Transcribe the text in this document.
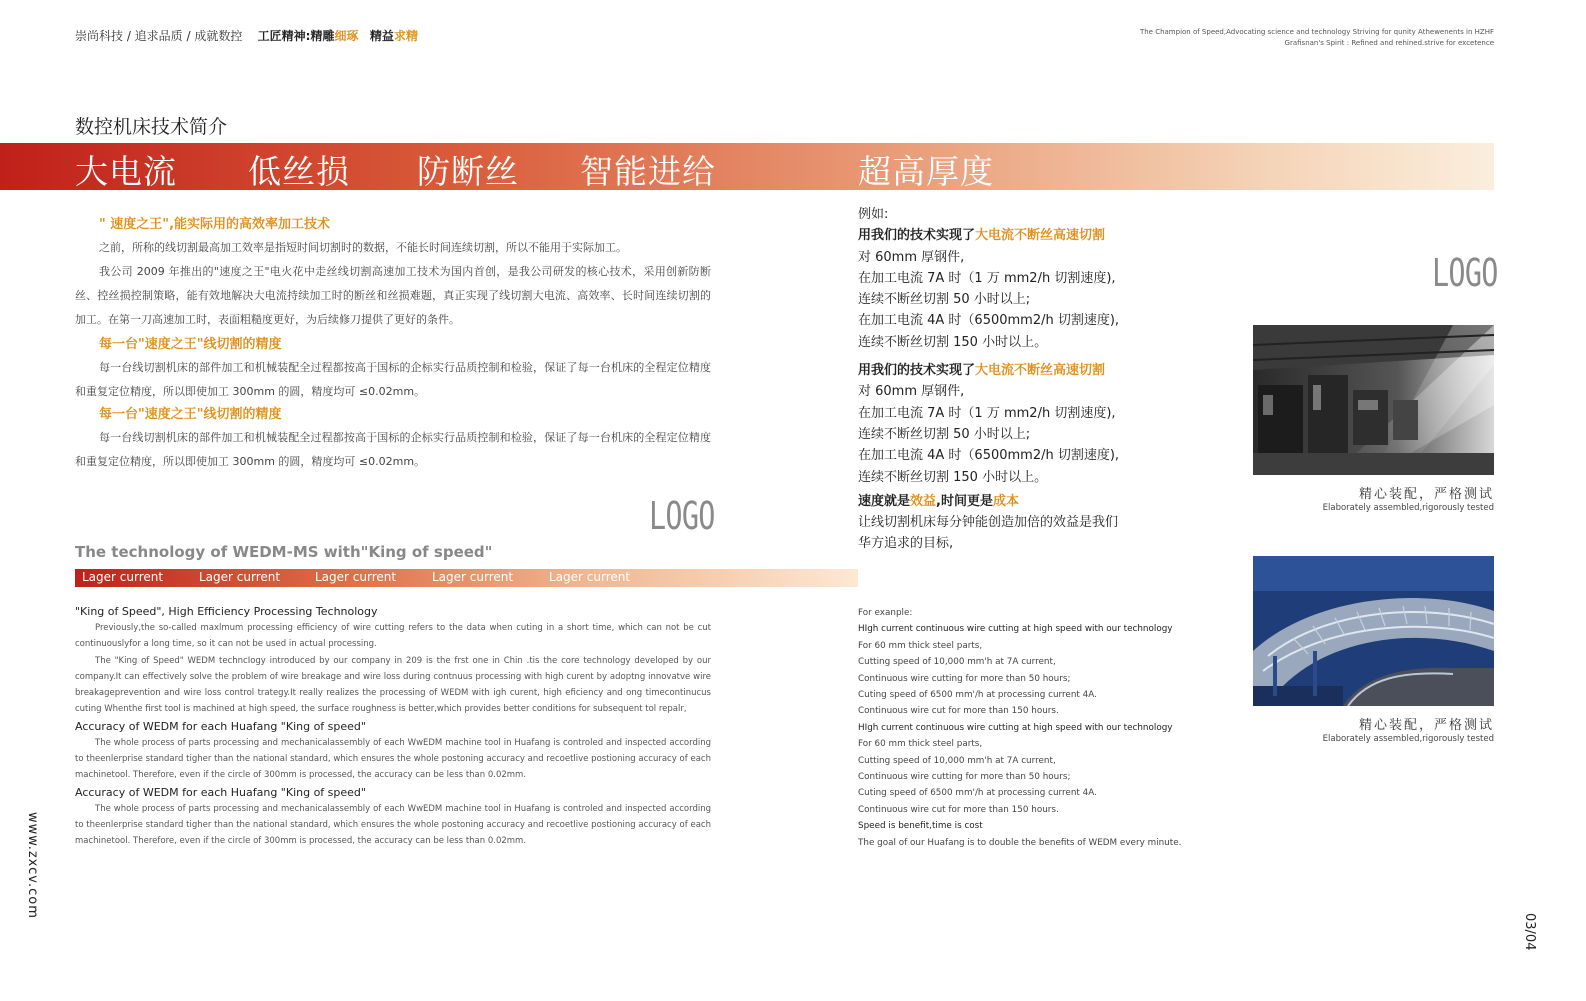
崇尚科技 / 追求品质 / 成就数控 工匠精神:精雕细琢 精益求精	The Champion of Speed,Advocating science and technology Striving for qunity Athewenents in HZHF
Grafisnan's Spirit : Refined and rehined.strive for excetence
数控机床技术简介
大电流 低丝损 防断丝 智能进给	超高厚度
" 速度之王",能实际用的高效率加工技术
之前，所称的线切割最高加工效率是指短时间切割时的数据，不能长时间连续切割，所以不能用于实际加工。
我公司 2009 年推出的"速度之王"电火花中走丝线切割高速加工技术为国内首创，是我公司研发的核心技术，采用创新防断丝、控丝损控制策略，能有效地解决大电流持续加工时的断丝和丝损难题，真正实现了线切割大电流、高效率、长时间连续切割的加工。在第一刀高速加工时，表面粗糙度更好，为后续修刀提供了更好的条件。
每一台"速度之王"线切割的精度
每一台线切割机床的部件加工和机械装配全过程都按高于国标的企标实行品质控制和检验，保证了每一台机床的全程定位精度和重复定位精度，所以即使加工 300mm 的圆，精度均可 ≤0.02mm。
每一台"速度之王"线切割的精度
每一台线切割机床的部件加工和机械装配全过程都按高于国标的企标实行品质控制和检验，保证了每一台机床的全程定位精度和重复定位精度，所以即使加工 300mm 的圆，精度均可 ≤0.02mm。
LOGO
The technology of WEDM-MS with"King of speed"
Lager current	Lager current	Lager current	Lager current	Lager current
"King of Speed", High Efficiency Processing Technology
Previously,the so-called maxlmum processing efficiency of wire cutting refers to the data when cuting in a short time, which can not be cut continuouslyfor a long time, so it can not be used in actual processing.
The "King of Speed" WEDM techncIogy introduced by our company in 209 is the frst one in Chin .tis the core technology developed by our company.It can effectively solve the problem of wire breakage and wire loss during contnuus processing with high curent by adoptng innovatve wire breakageprevention and wire loss control trategy.It really realizes the processing of WEDM with igh curent, high eficiency and ong timecontinucus cuting Whenthe first tool is machined at high speed, the surface roughness is better,which provides better conditions for subsequent tol repalr,
Accuracy of WEDM for each Huafang "King of speed"
The whole process of parts processing and mechanicalassembly of each WwEDM machine tool in Huafang is controled and inspected according to theenlerprise standard tigher than the national standard, which ensures the whole postoning accuracy and recoetlive postioning accuracy of each machinetool. Therefore, even if the circle of 300mm is processed, the accuracy can be less than 0.02mm.
Accuracy of WEDM for each Huafang "King of speed"
The whole process of parts processing and mechanicalassembly of each WwEDM machine tool in Huafang is controled and inspected according to theenlerprise standard tigher than the national standard, which ensures the whole postoning accuracy and recoetlive postioning accuracy of each machinetool. Therefore, even if the circle of 300mm is processed, the accuracy can be less than 0.02mm.
例如:
用我们的技术实现了大电流不断丝高速切割
对 60mm 厚钢件,
在加工电流 7A 时（1 万 mm2/h 切割速度),
连续不断丝切割 50 小时以上;
在加工电流 4A 时（6500mm2/h 切割速度),
连续不断丝切割 150 小时以上。
用我们的技术实现了大电流不断丝高速切割
对 60mm 厚钢件,
在加工电流 7A 时（1 万 mm2/h 切割速度),
连续不断丝切割 50 小时以上;
在加工电流 4A 时（6500mm2/h 切割速度),
连续不断丝切割 150 小时以上。
速度就是效益,时间更是成本
让线切割机床每分钟能创造加倍的效益是我们
华方追求的目标,
For exanple:
HIgh current continuous wire cutting at high speed with our technology
For 60 mm thick steel parts,
Cutting speed of 10,000 mm'h at 7A current,
Continuous wire cutting for more than 50 hours;
Cuting speed of 6500 mm'/h at processing current 4A.
Continuous wire cut for more than 150 hours.
HIgh current continuous wire cutting at high speed with our technology
For 60 mm thick steel parts,
Cutting speed of 10,000 mm'h at 7A current,
Continuous wire cutting for more than 50 hours;
Cuting speed of 6500 mm'/h at processing current 4A.
Continuous wire cut for more than 150 hours.
Speed is benefit,time is cost
The goal of our Huafang is to double the benefits of WEDM every minute.
LOGO
精心装配，严格测试
Elaborately assembled,rigorously tested
精心装配，严格测试
Elaborately assembled,rigorously tested
www.zxcv.com
03/04
